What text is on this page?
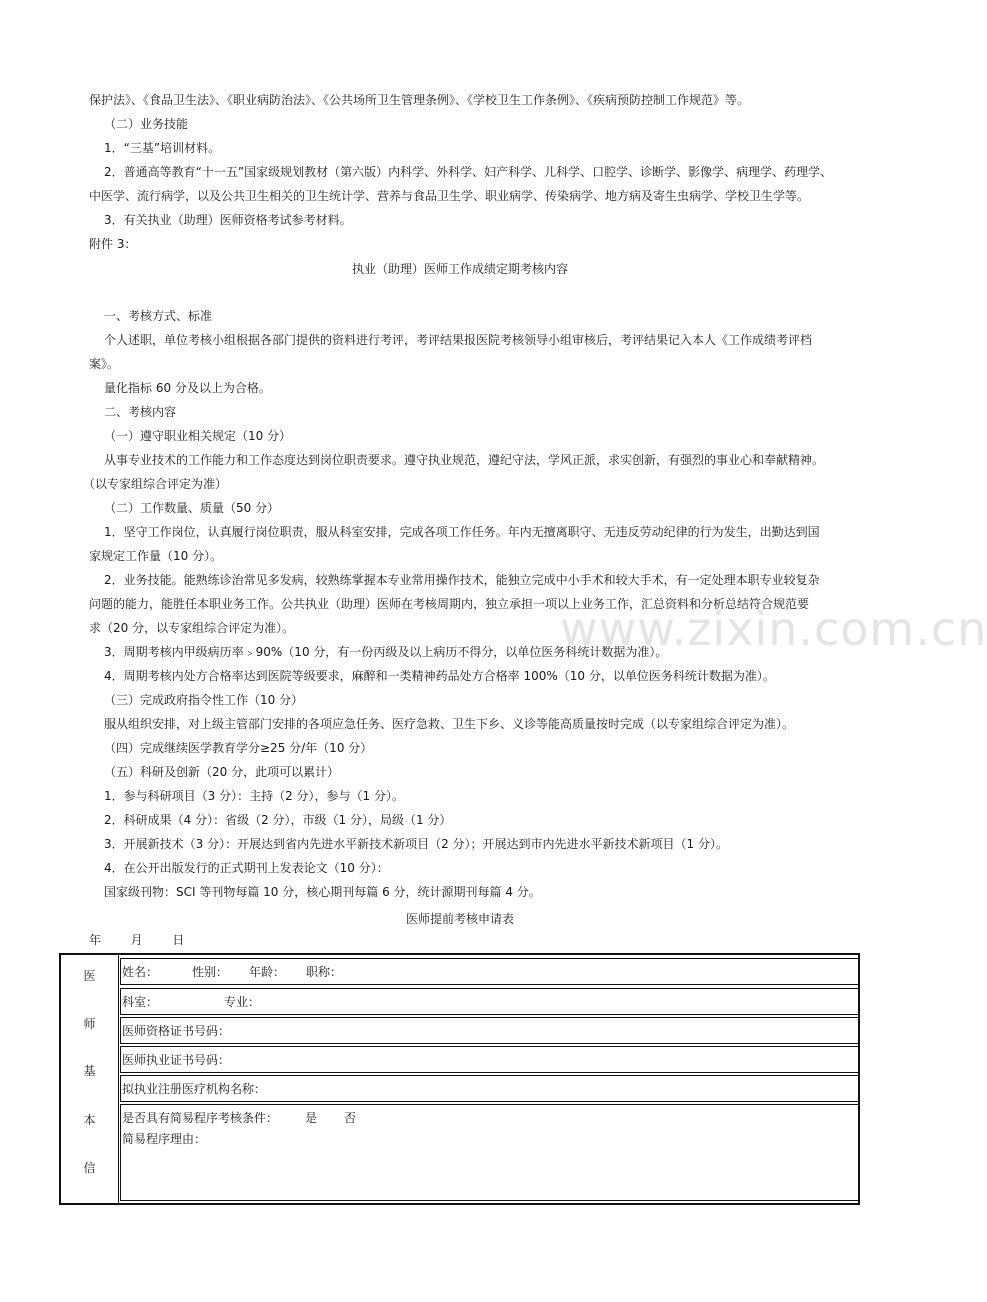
www.zixin.com.cn
保护法》、《食品卫生法》、《职业病防治法》、《公共场所卫生管理条例》、《学校卫生工作条例》、《疾病预防控制工作规范》等。
（二）业务技能
1．“三基”培训材料。
2．普通高等教育“十一五”国家级规划教材（第六版）内科学、外科学、妇产科学、儿科学、口腔学、诊断学、影像学、病理学、药理学、
中医学、流行病学，以及公共卫生相关的卫生统计学、营养与食品卫生学、职业病学、传染病学、地方病及寄生虫病学、学校卫生学等。
3．有关执业（助理）医师资格考试参考材料。
附件 3：
执业（助理）医师工作成绩定期考核内容
一、考核方式、标准
个人述职，单位考核小组根据各部门提供的资料进行考评，考评结果报医院考核领导小组审核后，考评结果记入本人《工作成绩考评档
案》。
量化指标 60 分及以上为合格。
二、考核内容
（一）遵守职业相关规定（10 分）
从事专业技术的工作能力和工作态度达到岗位职责要求。遵守执业规范，遵纪守法，学风正派，求实创新，有强烈的事业心和奉献精神。
（以专家组综合评定为准）
（二）工作数量、质量（50 分）
1．坚守工作岗位，认真履行岗位职责，服从科室安排，完成各项工作任务。年内无擅离职守、无违反劳动纪律的行为发生，出勤达到国
家规定工作量（10 分）。
2．业务技能。能熟练诊治常见多发病，较熟练掌握本专业常用操作技术，能独立完成中小手术和较大手术，有一定处理本职专业较复杂
问题的能力，能胜任本职业务工作。公共执业（助理）医师在考核周期内，独立承担一项以上业务工作，汇总资料和分析总结符合规范要
求（20 分，以专家组综合评定为准）。
3．周期考核内甲级病历率﹥90%（10 分，有一份丙级及以上病历不得分，以单位医务科统计数据为准）。
4．周期考核内处方合格率达到医院等级要求，麻醉和一类精神药品处方合格率 100%（10 分，以单位医务科统计数据为准）。
（三）完成政府指令性工作（10 分）
服从组织安排，对上级主管部门安排的各项应急任务、医疗急救、卫生下乡、义诊等能高质量按时完成（以专家组综合评定为准）。
（四）完成继续医学教育学分≥25 分/年（10 分）
（五）科研及创新（20 分，此项可以累计）
1．参与科研项目（3 分）：主持（2 分），参与（1 分）。
2．科研成果（4 分）：省级（2 分），市级（1 分），局级（1 分）
3．开展新技术（3 分）：开展达到省内先进水平新技术新项目（2 分）；开展达到市内先进水平新技术新项目（1 分）。
4．在公开出版发行的正式期刊上发表论文（10 分）：
国家级刊物：SCI 等刊物每篇 10 分，核心期刊每篇 6 分，统计源期刊每篇 4 分。
医师提前考核申请表
年 月 日
医
师
基
本
信
姓名：	性别： 年龄： 职称：
科室：	专业：
医师资格证书号码：
医师执业证书号码：
拟执业注册医疗机构名称：
是否具有简易程序考核条件： 是 否
简易程序理由：
